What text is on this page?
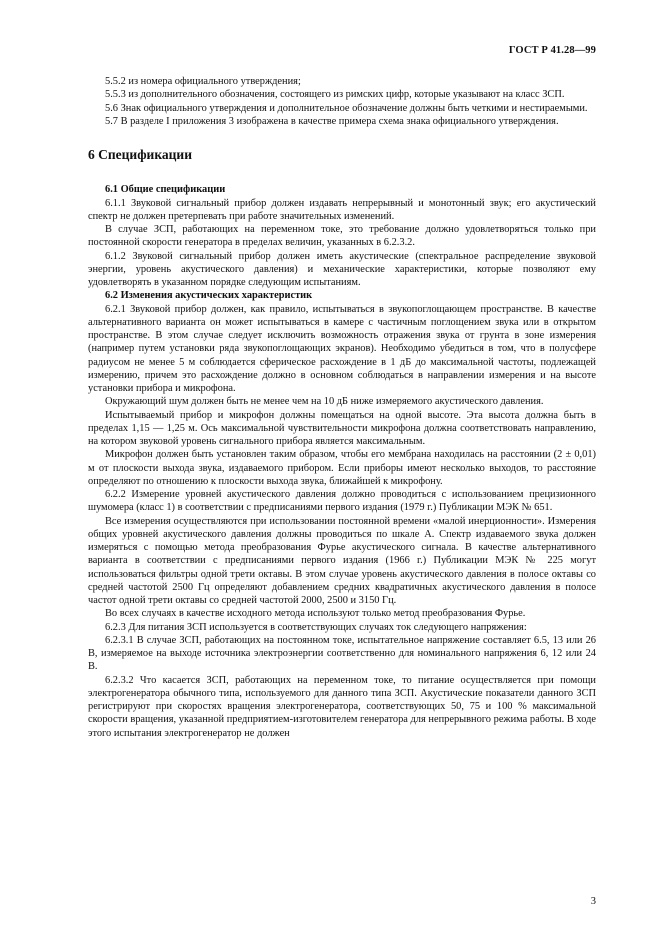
ГОСТ Р 41.28—99

5.5.2 из номера официального утверждения;

5.5.3 из дополнительного обозначения, состоящего из римских цифр, которые указывают на класс ЗСП.

5.6 Знак официального утверждения и дополнительное обозначение должны быть четкими и нестираемыми.

5.7 В разделе I приложения 3 изображена в качестве примера схема знака официального утверждения.

6 Спецификации

6.1 Общие спецификации

6.1.1 Звуковой сигнальный прибор должен издавать непрерывный и монотонный звук; его акустический спектр не должен претерпевать при работе значительных изменений.

В случае ЗСП, работающих на переменном токе, это требование должно удовлетворяться только при постоянной скорости генератора в пределах величин, указанных в 6.2.3.2.

6.1.2 Звуковой сигнальный прибор должен иметь акустические (спектральное распределение звуковой энергии, уровень акустического давления) и механические характеристики, которые позволяют ему удовлетворять в указанном порядке следующим испытаниям.

6.2 Изменения акустических характеристик

6.2.1 Звуковой прибор должен, как правило, испытываться в звукопоглощающем пространстве. В качестве альтернативного варианта он может испытываться в камере с частичным поглощением звука или в открытом пространстве. В этом случае следует исключить возможность отражения звука от грунта в зоне измерения (например путем установки ряда звукопоглощающих экранов). Необходимо убедиться в том, что в полусфере радиусом не менее 5 м соблюдается сферическое расхождение в 1 дБ до максимальной частоты, подлежащей измерению, причем это расхождение должно в основном соблюдаться в направлении измерения и на высоте установки прибора и микрофона.

Окружающий шум должен быть не менее чем на 10 дБ ниже измеряемого акустического давления.

Испытываемый прибор и микрофон должны помещаться на одной высоте. Эта высота должна быть в пределах 1,15 — 1,25 м. Ось максимальной чувствительности микрофона должна соответствовать направлению, на котором звуковой уровень сигнального прибора является максимальным.

Микрофон должен быть установлен таким образом, чтобы его мембрана находилась на расстоянии (2 ± 0,01) м от плоскости выхода звука, издаваемого прибором. Если приборы имеют несколько выходов, то расстояние определяют по отношению к плоскости выхода звука, ближайшей к микрофону.

6.2.2 Измерение уровней акустического давления должно проводиться с использованием прецизионного шумомера (класс 1) в соответствии с предписаниями первого издания (1979 г.) Публикации МЭК № 651.

Все измерения осуществляются при использовании постоянной времени «малой инерционности». Измерения общих уровней акустического давления должны проводиться по шкале А. Спектр издаваемого звука должен измеряться с помощью метода преобразования Фурье акустического сигнала. В качестве альтернативного варианта в соответствии с предписаниями первого издания (1966 г.) Публикации МЭК № 225 могут использоваться фильтры одной трети октавы. В этом случае уровень акустического давления в полосе октавы со средней частотой 2500 Гц определяют добавлением средних квадратичных акустического давления в полосе частот одной трети октавы со средней частотой 2000, 2500 и 3150 Гц.

Во всех случаях в качестве исходного метода используют только метод преобразования Фурье.

6.2.3 Для питания ЗСП используется в соответствующих случаях ток следующего напряжения:

6.2.3.1 В случае ЗСП, работающих на постоянном токе, испытательное напряжение составляет 6.5, 13 или 26 В, измеряемое на выходе источника электроэнергии соответственно для номинального напряжения 6, 12 или 24 В.

6.2.3.2 Что касается ЗСП, работающих на переменном токе, то питание осуществляется при помощи электрогенератора обычного типа, используемого для данного типа ЗСП. Акустические показатели данного ЗСП регистрируют при скоростях вращения электрогенератора, соответствующих 50, 75 и 100 % максимальной скорости вращения, указанной предприятием-изготовителем генератора для непрерывного режима работы. В ходе этого испытания электрогенератор не должен

3
